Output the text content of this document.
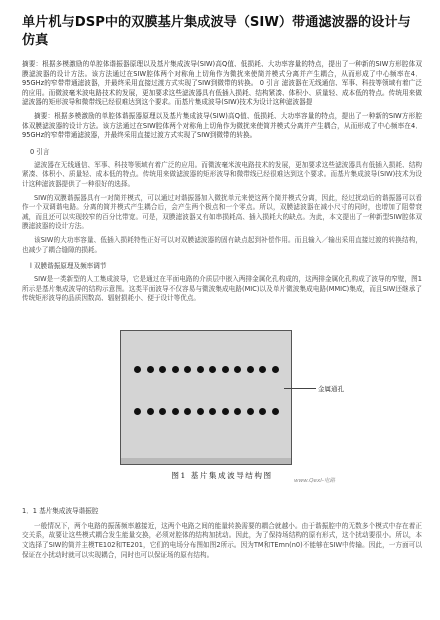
单片机与DSP中的双膜基片集成波导（SIW）带通滤波器的设计与仿真

摘要：根据多模激励的单腔体谐振器原理以及基片集成波导(SIW)高Q值、低损耗、大功率容量的特点，提出了一种新的SIW方形腔体双膜滤波器的设计方法。该方法通过在SIW腔体两个对称角上切角作为微扰来使简并模式分离并产生耦合，从而形成了中心频率在4．95GHz的窄带带通滤波器，并最终采用直接过渡方式实现了SIW到微带的转换。 0 引言 滤波器在无线通信、军事、科技等领域有着广泛的应用。而微波毫米波电路技术的发展，更加要求这些滤波器具有低插入损耗、结构紧凑、体积小、质量轻、成本低的特点。传统用来做滤波器的矩形波导和微带线已经很难达到这个要求。而基片集成波导(SIW)技术为设计这种滤波器提

摘要：根据多模激励的单腔体谐振器原理以及基片集成波导(SIW)高Q值、低损耗、大功率容量的特点，提出了一种新的SIW方形腔体双膜滤波器的设计方法。该方法通过在SIW腔体两个对称角上切角作为微扰来使简并模式分离并产生耦合，从而形成了中心频率在4．95GHz的窄带带通滤波器，并最终采用直接过渡方式实现了SIW到微带的转换。

0 引言

滤波器在无线通信、军事、科技等领域有着广泛的应用。而微波毫米波电路技术的发展，更加要求这些滤波器具有低插入损耗、结构紧凑、体积小、质量轻、成本低的特点。传统用来做滤波器的矩形波导和微带线已经很难达到这个要求。而基片集成波导(SIW)技术为设计这种滤波器提供了一种很好的选择。

SIW的双膜谐振器具有一对简并模式，可以通过对谐振器加入微扰单元来使这两个简并模式分离，因此，经过扰动后的谐振器可以看作一个双调谐电路。分离的简并模式产生耦合后，会产生两个极点和一个零点。所以，双膜滤波器在减小尺寸的同时，也增加了阻带衰减，而且还可以实现较窄的百分比带宽。可是，双膜滤波器又有如串损耗高、插入损耗大的缺点。为此，本文提出了一种新型SIW腔体双膜滤波器的设计方法。

该SIW的大功率容量、低插入损耗特性正好可以对双膜滤波器的固有缺点起到补偿作用。而且输入／输出采用直接过渡的转换结构，也减少了耦合缝隙的损耗。

l 双膜谐振原理及频率调节

SIW是一类新型的人工集成波导，它是通过在平面电路的介质层中嵌入两排金属化孔构成的，这两排金属化孔构成了波导的窄壁，图1所示是基片集成波导的结构示意图。这类平面波导不仅容易与微波集成电路(MIC)以及单片微波集成电路(MMIC)集成，而且SIW还继承了传统矩形波导的品质因数高、辐射损耗小、便于设计等优点。

金属通孔
图1 基片集成波导结构图
www.Qexl-电路
1．1 基片集成波导谐振腔

一般情况下，两个电路的振荡频率越接近，这两个电路之间的能量转换需要的耦合就越小。由于谐振腔中的无数多个模式中存在着正交关系，故要让这些模式耦合发生能量交换，必须对腔体的结构加扰动。因此，为了保持场结构的原有形式，这个扰动要很小。所以，本文选择了SIW的简并主模TE102和TE201，它们的电场分布图如图2所示。因为TM和TEmn(n0)不能够在SIW中传输。因此，一方面可以保证在小扰动时就可以实现耦合，同时也可以保证场的原有结构。
